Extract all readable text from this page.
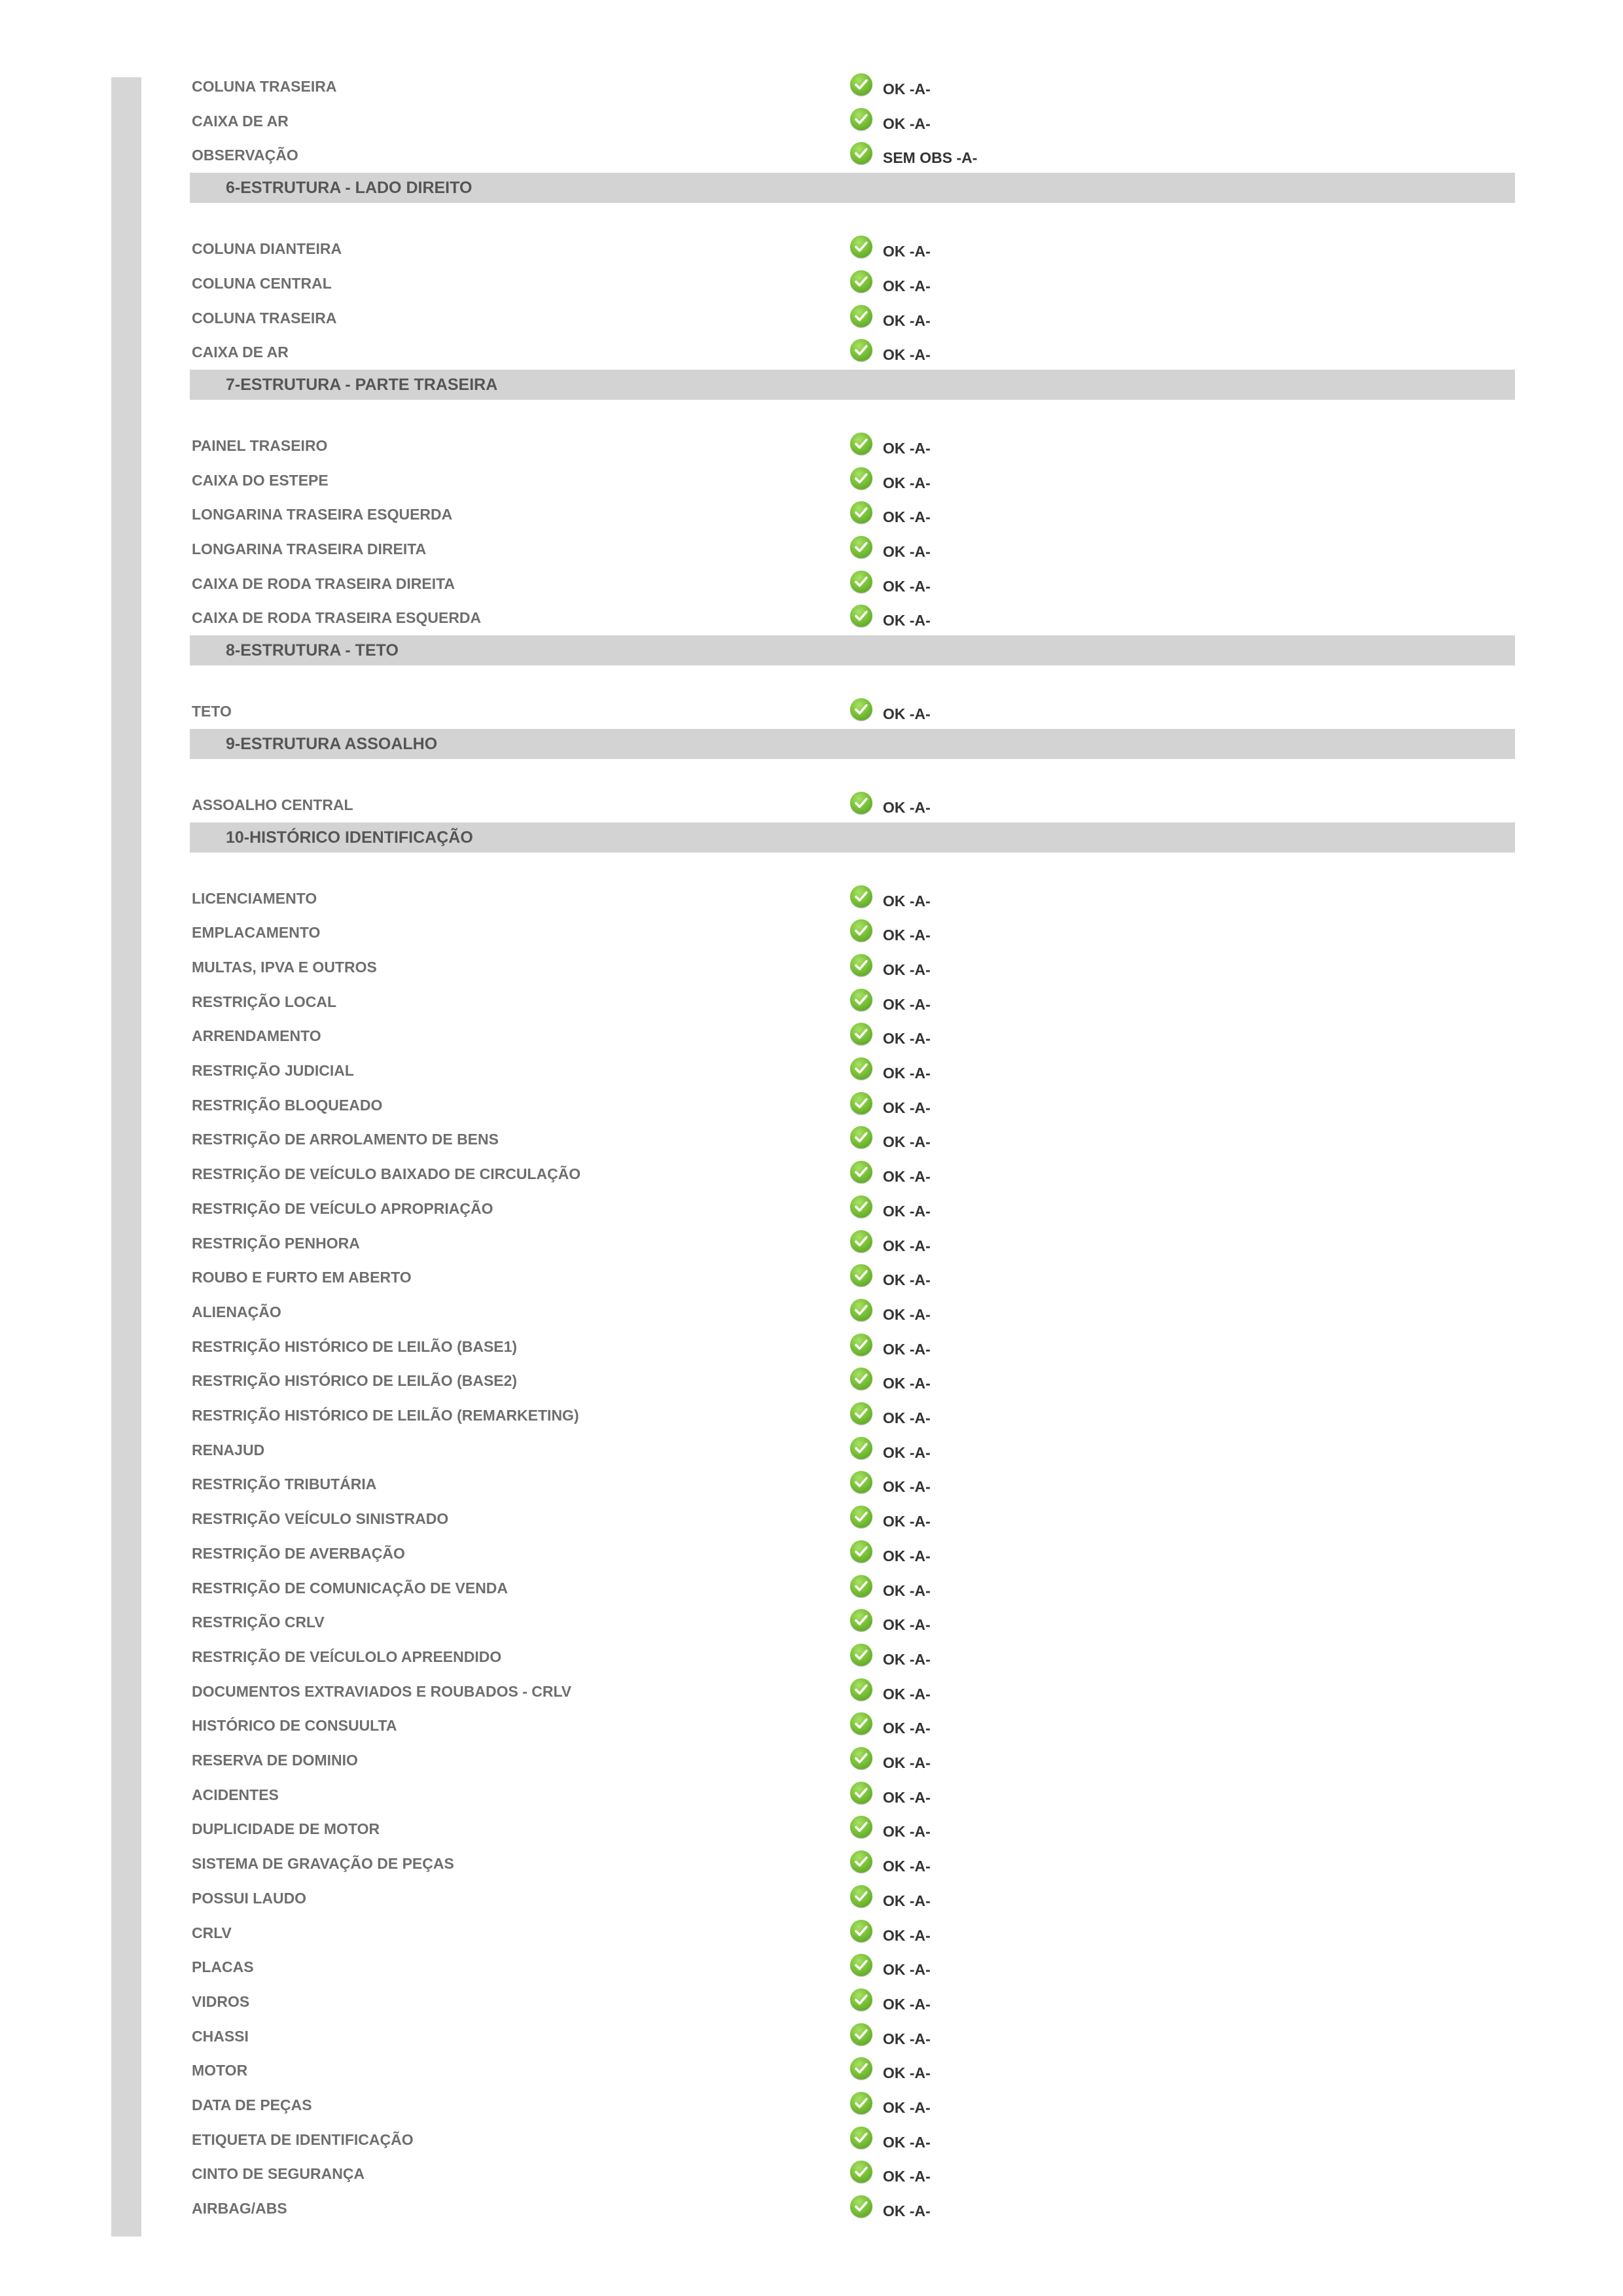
COLUNA TRASEIRA	OK -A-
CAIXA DE AR	OK -A-
OBSERVAÇÃO	SEM OBS -A-
6-ESTRUTURA - LADO DIREITO
COLUNA DIANTEIRA	OK -A-
COLUNA CENTRAL	OK -A-
COLUNA TRASEIRA	OK -A-
CAIXA DE AR	OK -A-
7-ESTRUTURA - PARTE TRASEIRA
PAINEL TRASEIRO	OK -A-
CAIXA DO ESTEPE	OK -A-
LONGARINA TRASEIRA ESQUERDA	OK -A-
LONGARINA TRASEIRA DIREITA	OK -A-
CAIXA DE RODA TRASEIRA DIREITA	OK -A-
CAIXA DE RODA TRASEIRA ESQUERDA	OK -A-
8-ESTRUTURA - TETO
TETO	OK -A-
9-ESTRUTURA ASSOALHO
ASSOALHO CENTRAL	OK -A-
10-HISTÓRICO IDENTIFICAÇÃO
LICENCIAMENTO	OK -A-
EMPLACAMENTO	OK -A-
MULTAS, IPVA E OUTROS	OK -A-
RESTRIÇÃO LOCAL	OK -A-
ARRENDAMENTO	OK -A-
RESTRIÇÃO JUDICIAL	OK -A-
RESTRIÇÃO BLOQUEADO	OK -A-
RESTRIÇÃO DE ARROLAMENTO DE BENS	OK -A-
RESTRIÇÃO DE VEÍCULO BAIXADO DE CIRCULAÇÃO	OK -A-
RESTRIÇÃO DE VEÍCULO APROPRIAÇÃO	OK -A-
RESTRIÇÃO PENHORA	OK -A-
ROUBO E FURTO EM ABERTO	OK -A-
ALIENAÇÃO	OK -A-
RESTRIÇÃO HISTÓRICO DE LEILÃO (BASE1)	OK -A-
RESTRIÇÃO HISTÓRICO DE LEILÃO (BASE2)	OK -A-
RESTRIÇÃO HISTÓRICO DE LEILÃO (REMARKETING)	OK -A-
RENAJUD	OK -A-
RESTRIÇÃO TRIBUTÁRIA	OK -A-
RESTRIÇÃO VEÍCULO SINISTRADO	OK -A-
RESTRIÇÃO DE AVERBAÇÃO	OK -A-
RESTRIÇÃO DE COMUNICAÇÃO DE VENDA	OK -A-
RESTRIÇÃO CRLV	OK -A-
RESTRIÇÃO DE VEÍCULOLO APREENDIDO	OK -A-
DOCUMENTOS EXTRAVIADOS E ROUBADOS - CRLV	OK -A-
HISTÓRICO DE CONSUULTA	OK -A-
RESERVA DE DOMINIO	OK -A-
ACIDENTES	OK -A-
DUPLICIDADE DE MOTOR	OK -A-
SISTEMA DE GRAVAÇÃO DE PEÇAS	OK -A-
POSSUI LAUDO	OK -A-
CRLV	OK -A-
PLACAS	OK -A-
VIDROS	OK -A-
CHASSI	OK -A-
MOTOR	OK -A-
DATA DE PEÇAS	OK -A-
ETIQUETA DE IDENTIFICAÇÃO	OK -A-
CINTO DE SEGURANÇA	OK -A-
AIRBAG/ABS	OK -A-
